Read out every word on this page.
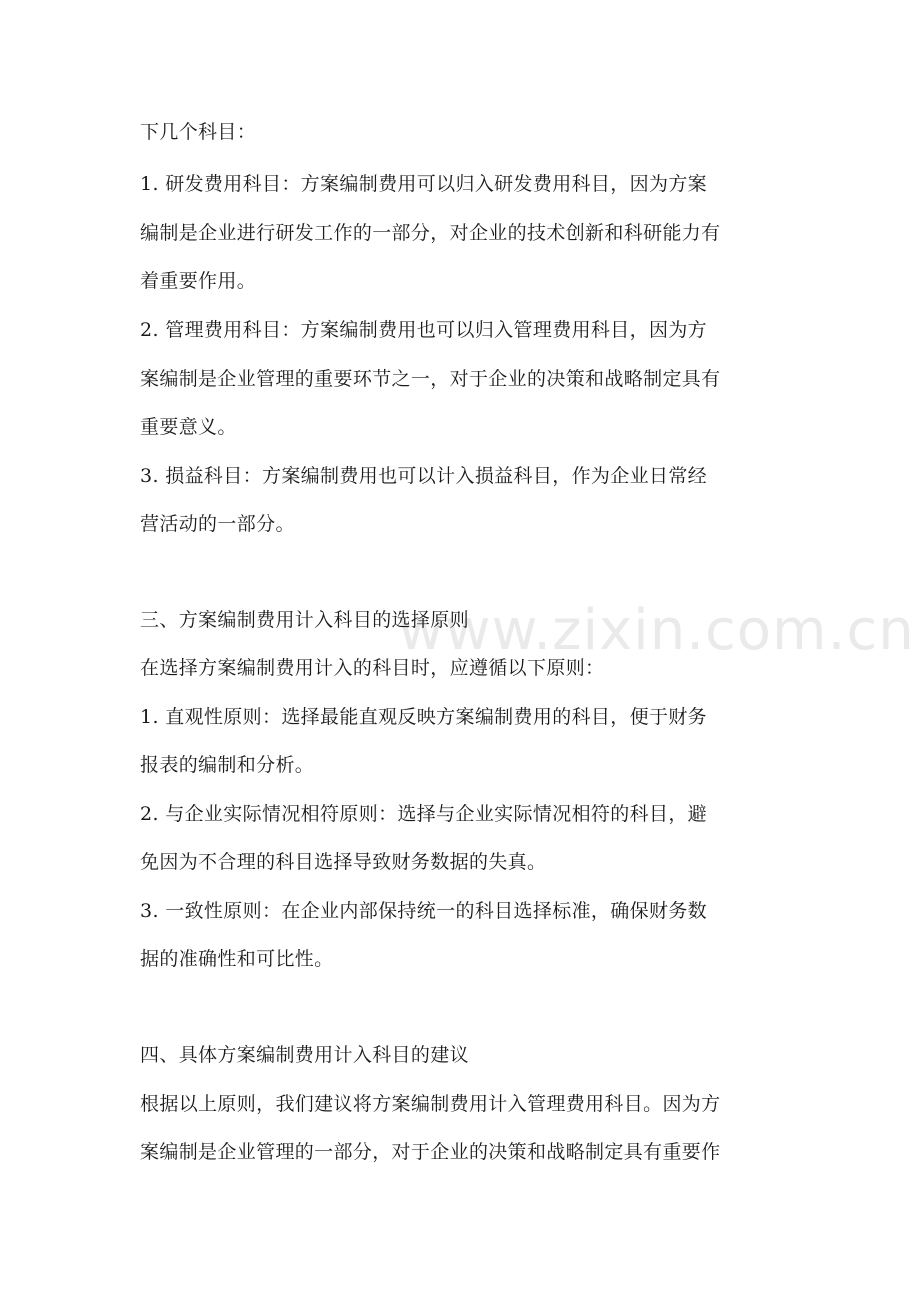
www.zixin.com.cn
下几个科目：
1. 研发费用科目：方案编制费用可以归入研发费用科目，因为方案
编制是企业进行研发工作的一部分，对企业的技术创新和科研能力有
着重要作用。
2. 管理费用科目：方案编制费用也可以归入管理费用科目，因为方
案编制是企业管理的重要环节之一，对于企业的决策和战略制定具有
重要意义。
3. 损益科目：方案编制费用也可以计入损益科目，作为企业日常经
营活动的一部分。
三、方案编制费用计入科目的选择原则
在选择方案编制费用计入的科目时，应遵循以下原则：
1. 直观性原则：选择最能直观反映方案编制费用的科目，便于财务
报表的编制和分析。
2. 与企业实际情况相符原则：选择与企业实际情况相符的科目，避
免因为不合理的科目选择导致财务数据的失真。
3. 一致性原则：在企业内部保持统一的科目选择标准，确保财务数
据的准确性和可比性。
四、具体方案编制费用计入科目的建议
根据以上原则，我们建议将方案编制费用计入管理费用科目。因为方
案编制是企业管理的一部分，对于企业的决策和战略制定具有重要作
